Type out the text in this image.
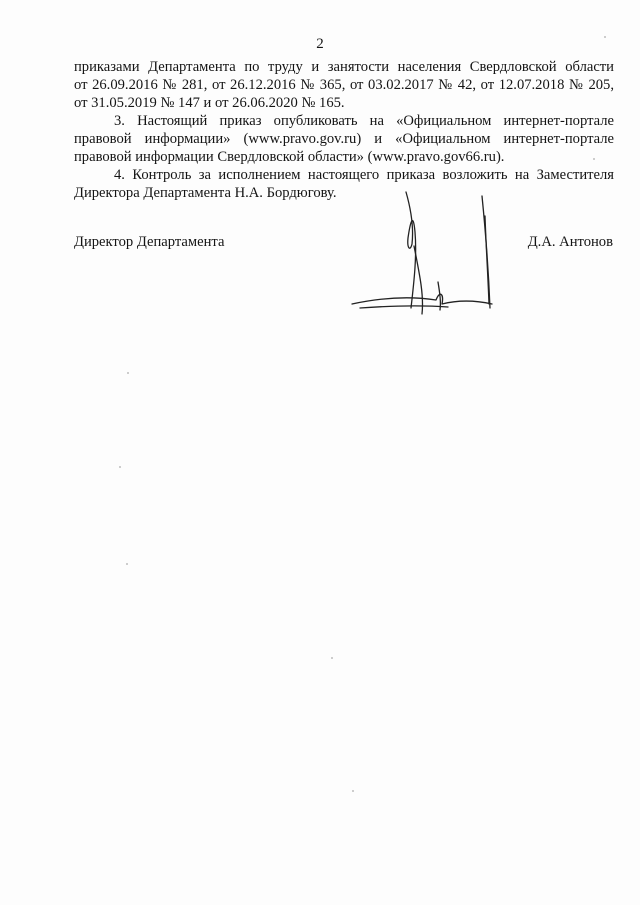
2
приказами Департамента по труду и занятости населения Свердловской области
от 26.09.2016 № 281, от 26.12.2016 № 365, от 03.02.2017 № 42, от 12.07.2018 № 205,
от 31.05.2019 № 147 и от 26.06.2020 № 165.
3. Настоящий приказ опубликовать на «Официальном интернет-портале
правовой информации» (www.pravo.gov.ru) и «Официальном интернет-портале
правовой информации Свердловской области» (www.pravo.gov66.ru).
4. Контроль за исполнением настоящего приказа возложить на Заместителя
Директора Департамента Н.А. Бордюгову.
Директор Департамента	Д.А. Антонов
